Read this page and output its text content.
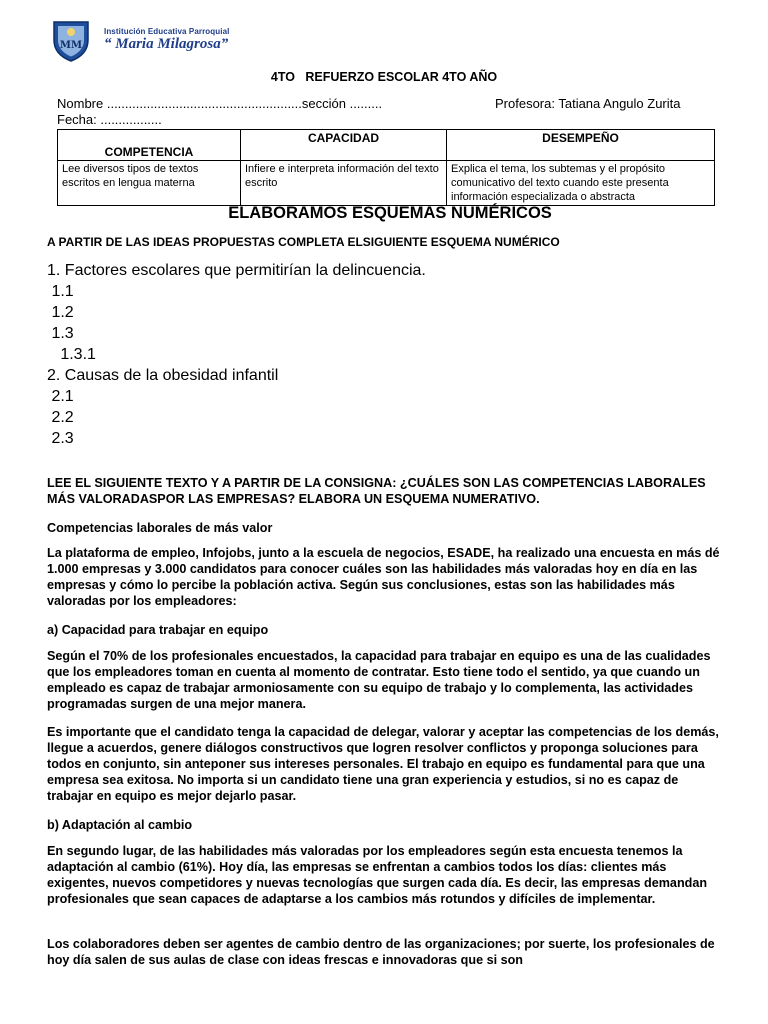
MM
Institución Educativa Parroquial
“ Maria Milagrosa”
4TO   REFUERZO ESCOLAR 4TO AÑO
Nombre ......................................................sección .........	Profesora: Tatiana Angulo Zurita
Fecha: .................
COMPETENCIA	CAPACIDAD	DESEMPEÑO
Lee diversos tipos de textos escritos en lengua materna	Infiere e interpreta información del texto escrito	Explica el tema, los subtemas y el propósito comunicativo del texto cuando este presenta información especializada o abstracta
ELABORAMOS ESQUEMAS NUMÉRICOS
A PARTIR DE LAS IDEAS PROPUESTAS COMPLETA ELSIGUIENTE ESQUEMA NUMÉRICO
1. Factores escolares que permitirían la delincuencia.
1.1
1.2
1.3
1.3.1
2. Causas de la obesidad infantil
2.1
2.2
2.3

LEE EL SIGUIENTE TEXTO Y A PARTIR DE LA CONSIGNA: ¿CUÁLES SON LAS COMPETENCIAS LABORALES MÁS VALORADASPOR LAS EMPRESAS? ELABORA UN ESQUEMA NUMERATIVO.

Competencias laborales de más valor
La plataforma de empleo, Infojobs, junto a la escuela de negocios, ESADE, ha realizado una encuesta en más dé 1.000 empresas y 3.000 candidatos para conocer cuáles son las habilidades más valoradas hoy en día en las empresas y cómo lo percibe la población activa. Según sus conclusiones, estas son las habilidades más valoradas por los empleadores:
a) Capacidad para trabajar en equipo
Según el 70% de los profesionales encuestados, la capacidad para trabajar en equipo es una de las cualidades que los empleadores toman en cuenta al momento de contratar. Esto tiene todo el sentido, ya que cuando un empleado es capaz de trabajar armoniosamente con su equipo de trabajo y lo complementa, las actividades programadas surgen de una mejor manera.
Es importante que el candidato tenga la capacidad de delegar, valorar y aceptar las competencias de los demás, llegue a acuerdos, genere diálogos constructivos que logren resolver conflictos y proponga soluciones para todos en conjunto, sin anteponer sus intereses personales. El trabajo en equipo es fundamental para que una empresa sea exitosa. No importa si un candidato tiene una gran experiencia y estudios, si no es capaz de trabajar en equipo es mejor dejarlo pasar.
b) Adaptación al cambio
En segundo lugar, de las habilidades más valoradas por los empleadores según esta encuesta tenemos la adaptación al cambio (61%). Hoy día, las empresas se enfrentan a cambios todos los días: clientes más exigentes, nuevos competidores y nuevas tecnologías que surgen cada día. Es decir, las empresas demandan profesionales que sean capaces de adaptarse a los cambios más rotundos y difíciles de implementar.
Los colaboradores deben ser agentes de cambio dentro de las organizaciones; por suerte, los profesionales de hoy día salen de sus aulas de clase con ideas frescas e innovadoras que si son
